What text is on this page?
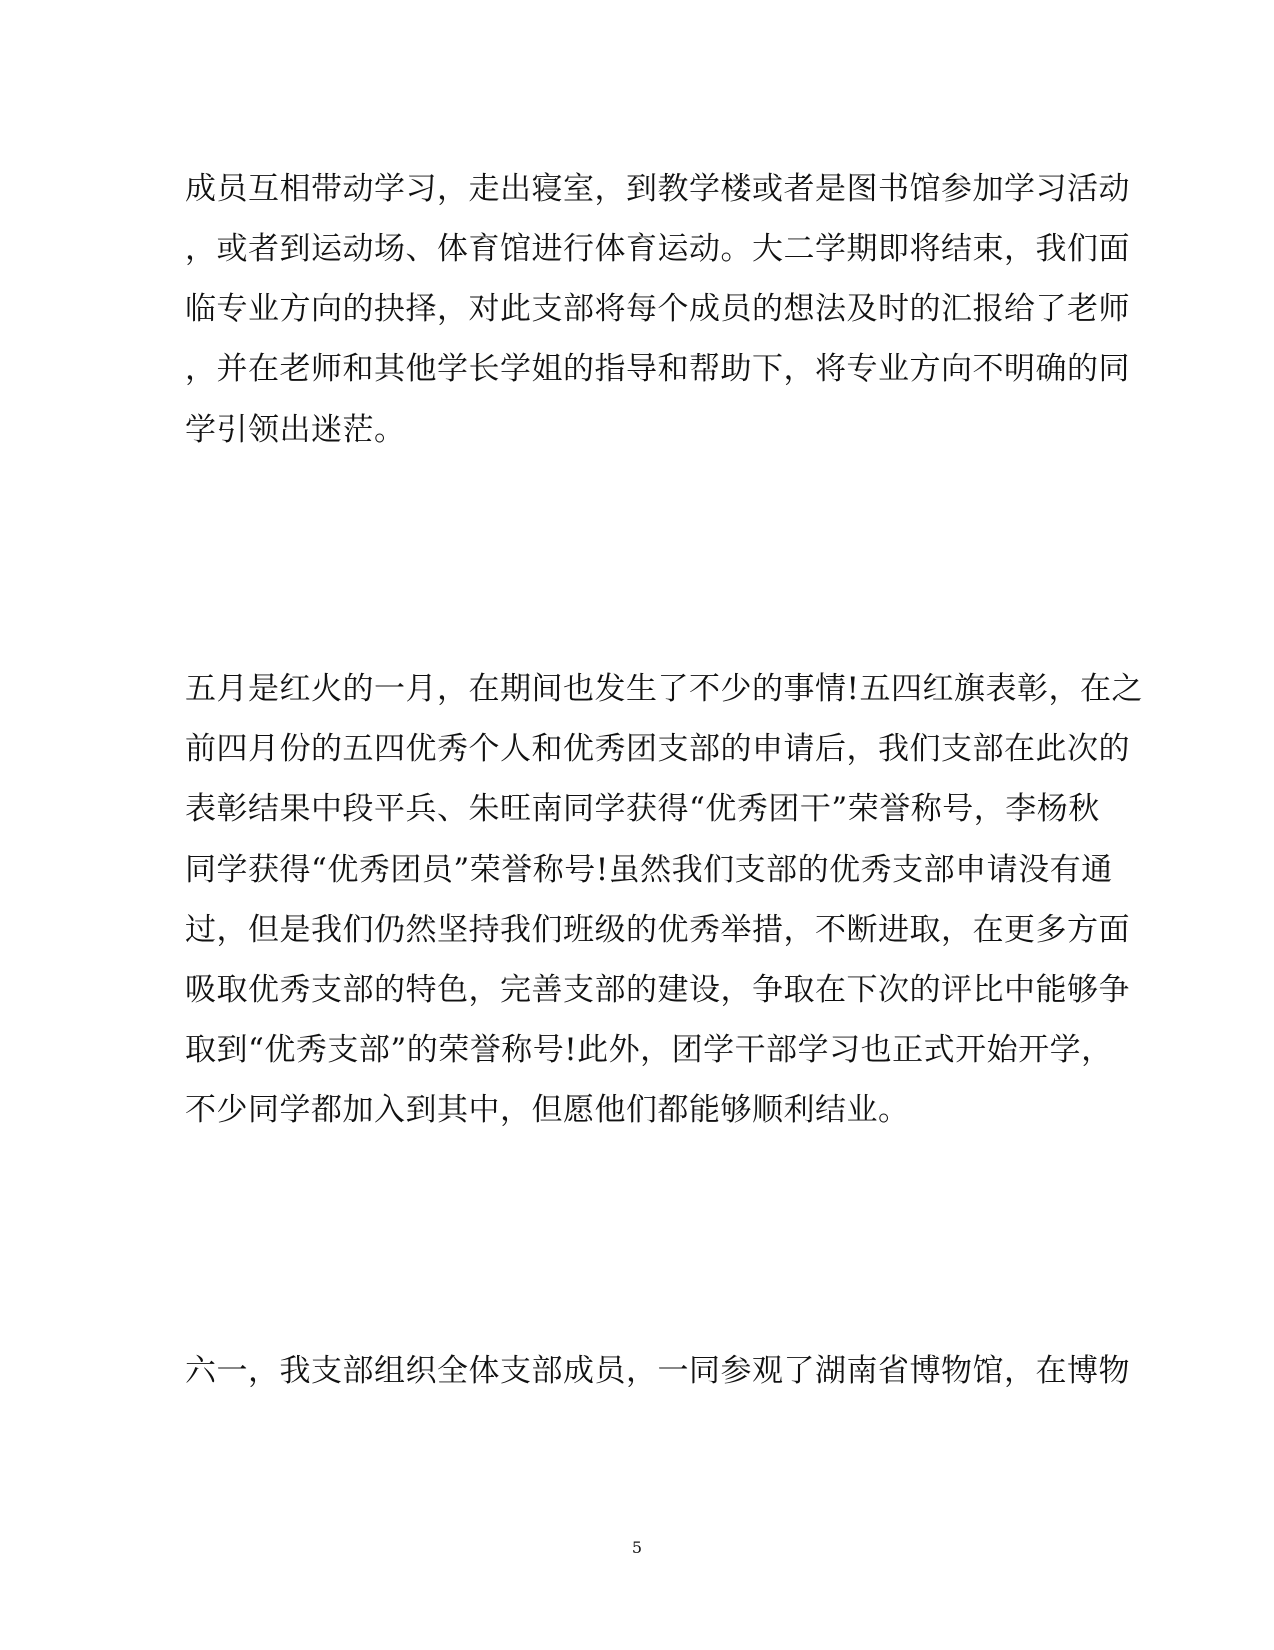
成员互相带动学习，走出寝室，到教学楼或者是图书馆参加学习活动
，或者到运动场、体育馆进行体育运动。大二学期即将结束，我们面
临专业方向的抉择，对此支部将每个成员的想法及时的汇报给了老师
，并在老师和其他学长学姐的指导和帮助下，将专业方向不明确的同
学引领出迷茫。
五月是红火的一月，在期间也发生了不少的事情!五四红旗表彰，在之
前四月份的五四优秀个人和优秀团支部的申请后，我们支部在此次的
表彰结果中段平兵、朱旺南同学获得“优秀团干”荣誉称号，李杨秋
同学获得“优秀团员”荣誉称号!虽然我们支部的优秀支部申请没有通
过，但是我们仍然坚持我们班级的优秀举措，不断进取，在更多方面
吸取优秀支部的特色，完善支部的建设，争取在下次的评比中能够争
取到“优秀支部”的荣誉称号!此外，团学干部学习也正式开始开学，
不少同学都加入到其中，但愿他们都能够顺利结业。
六一，我支部组织全体支部成员，一同参观了湖南省博物馆，在博物
5
